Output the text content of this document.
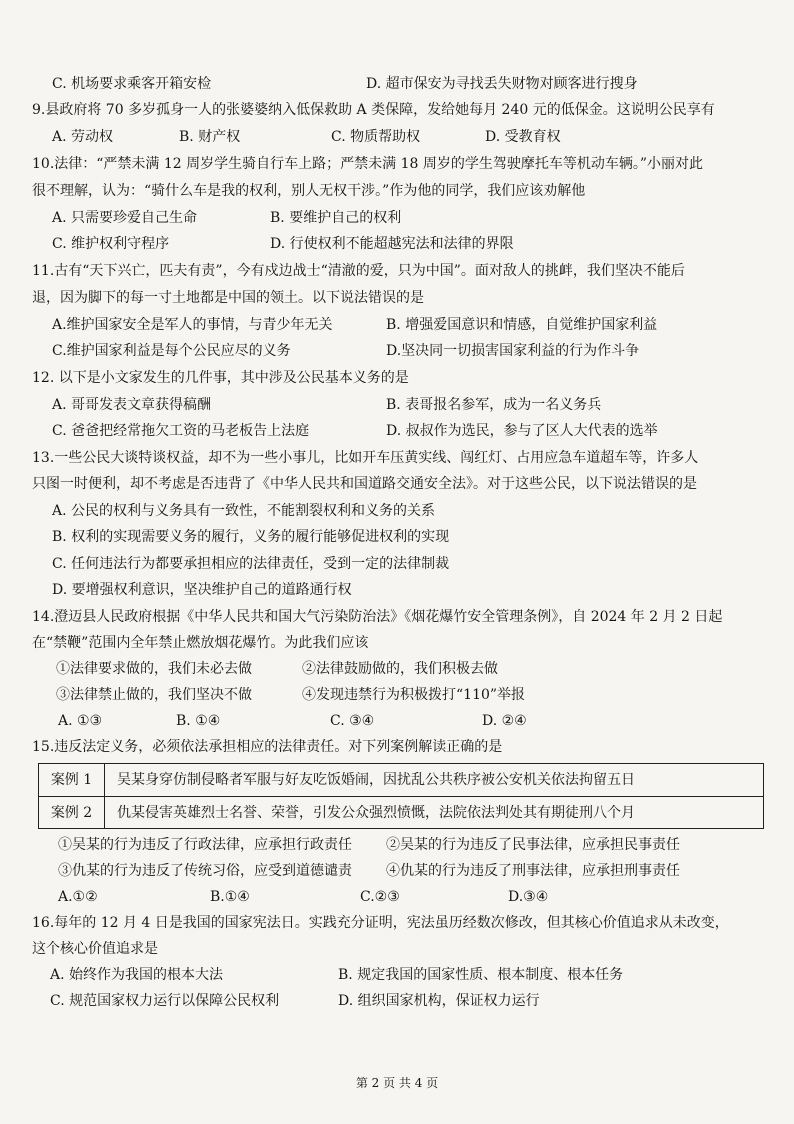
C. 机场要求乘客开箱安检	D. 超市保安为寻找丢失财物对顾客进行搜身
9.县政府将 70 多岁孤身一人的张婆婆纳入低保救助 A 类保障，发给她每月 240 元的低保金。这说明公民享有
A. 劳动权	B. 财产权	C. 物质帮助权	D. 受教育权
10.法律：“严禁未满 12 周岁学生骑自行车上路；严禁未满 18 周岁的学生驾驶摩托车等机动车辆。”小丽对此
很不理解，认为：“骑什么车是我的权利，别人无权干涉。”作为他的同学，我们应该劝解他
A. 只需要珍爱自己生命	B. 要维护自己的权利
C. 维护权利守程序	D. 行使权利不能超越宪法和法律的界限
11.古有“天下兴亡，匹夫有责”，今有戍边战士“清澈的爱，只为中国”。面对敌人的挑衅，我们坚决不能后
退，因为脚下的每一寸土地都是中国的领土。以下说法错误的是
A.维护国家安全是军人的事情，与青少年无关	B. 增强爱国意识和情感，自觉维护国家利益
C.维护国家利益是每个公民应尽的义务	D.坚决同一切损害国家利益的行为作斗争
12. 以下是小文家发生的几件事，其中涉及公民基本义务的是
A. 哥哥发表文章获得稿酬	B. 表哥报名参军，成为一名义务兵
C. 爸爸把经常拖欠工资的马老板告上法庭	D. 叔叔作为选民，参与了区人大代表的选举
13.一些公民大谈特谈权益，却不为一些小事儿，比如开车压黄实线、闯红灯、占用应急车道超车等，许多人
只图一时便利，却不考虑是否违背了《中华人民共和国道路交通安全法》。对于这些公民，以下说法错误的是
A. 公民的权利与义务具有一致性，不能割裂权利和义务的关系
B. 权利的实现需要义务的履行，义务的履行能够促进权利的实现
C. 任何违法行为都要承担相应的法律责任，受到一定的法律制裁
D. 要增强权利意识，坚决维护自己的道路通行权
14.澄迈县人民政府根据《中华人民共和国大气污染防治法》《烟花爆竹安全管理条例》，自 2024 年 2 月 2 日起
在“禁鞭”范围内全年禁止燃放烟花爆竹。为此我们应该
①法律要求做的，我们未必去做	②法律鼓励做的，我们积极去做
③法律禁止做的，我们坚决不做	④发现违禁行为积极拨打“110”举报
A. ①③	B. ①④	C. ③④	D. ②④
15.违反法定义务，必须依法承担相应的法律责任。对下列案例解读正确的是
案例 1	吴某身穿仿制侵略者军服与好友吃饭婚闹，因扰乱公共秩序被公安机关依法拘留五日
案例 2	仇某侵害英雄烈士名誉、荣誉，引发公众强烈愤慨，法院依法判处其有期徒刑八个月
①吴某的行为违反了行政法律，应承担行政责任 ②吴某的行为违反了民事法律，应承担民事责任
③仇某的行为违反了传统习俗，应受到道德谴责 ④仇某的行为违反了刑事法律，应承担刑事责任
A.①②	B.①④	C.②③	D.③④
16.每年的 12 月 4 日是我国的国家宪法日。实践充分证明，宪法虽历经数次修改，但其核心价值追求从未改变，
这个核心价值追求是
A. 始终作为我国的根本大法	B. 规定我国的国家性质、根本制度、根本任务
C. 规范国家权力运行以保障公民权利	D. 组织国家机构，保证权力运行
第 2 页 共 4 页
